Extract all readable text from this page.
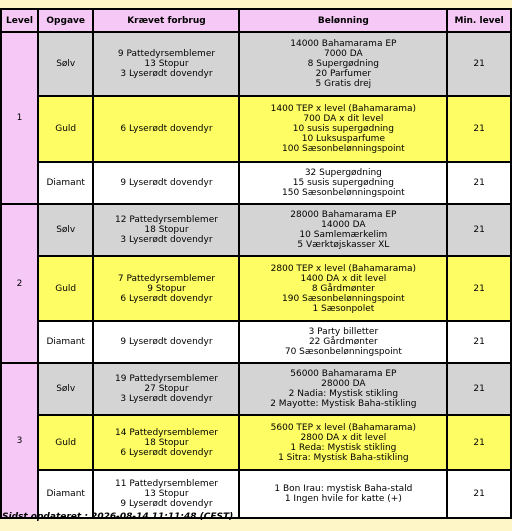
Level	Opgave	Krævet forbrug	Belønning	Min. level
1	Sølv	9 Pattedyrsemblemer
13 Stopur
3 Lyserødt dovendyr	14000 Bahamarama EP
7000 DA
8 Supergødning
20 Parfumer
5 Gratis drej	21
	Guld	6 Lyserødt dovendyr	1400 TEP x level (Bahamarama)
700 DA x dit level
10 susis supergødning
10 Luksusparfume
100 Sæsonbelønningspoint	21
	Diamant	9 Lyserødt dovendyr	32 Supergødning
15 susis supergødning
150 Sæsonbelønningspoint	21
2	Sølv	12 Pattedyrsemblemer
18 Stopur
3 Lyserødt dovendyr	28000 Bahamarama EP
14000 DA
10 Samlemærkelim
5 Værktøjskasser XL	21
	Guld	7 Pattedyrsemblemer
9 Stopur
6 Lyserødt dovendyr	2800 TEP x level (Bahamarama)
1400 DA x dit level
8 Gårdmønter
190 Sæsonbelønningspoint
1 Sæsonpolet	21
	Diamant	9 Lyserødt dovendyr	3 Party billetter
22 Gårdmønter
70 Sæsonbelønningspoint	21
3	Sølv	19 Pattedyrsemblemer
27 Stopur
3 Lyserødt dovendyr	56000 Bahamarama EP
28000 DA
2 Nadia: Mystisk stikling
2 Mayotte: Mystisk Baha-stikling	21
	Guld	14 Pattedyrsemblemer
18 Stopur
6 Lyserødt dovendyr	5600 TEP x level (Bahamarama)
2800 DA x dit level
1 Reda: Mystisk stikling
1 Sitra: Mystisk Baha-stikling	21
	Diamant	11 Pattedyrsemblemer
13 Stopur
9 Lyserødt dovendyr	1 Bon Irau: mystisk Baha-stald
1 Ingen hvile for katte (+)	21
Sidst opdateret : 2026-08-14 11:11:48 (CEST)
